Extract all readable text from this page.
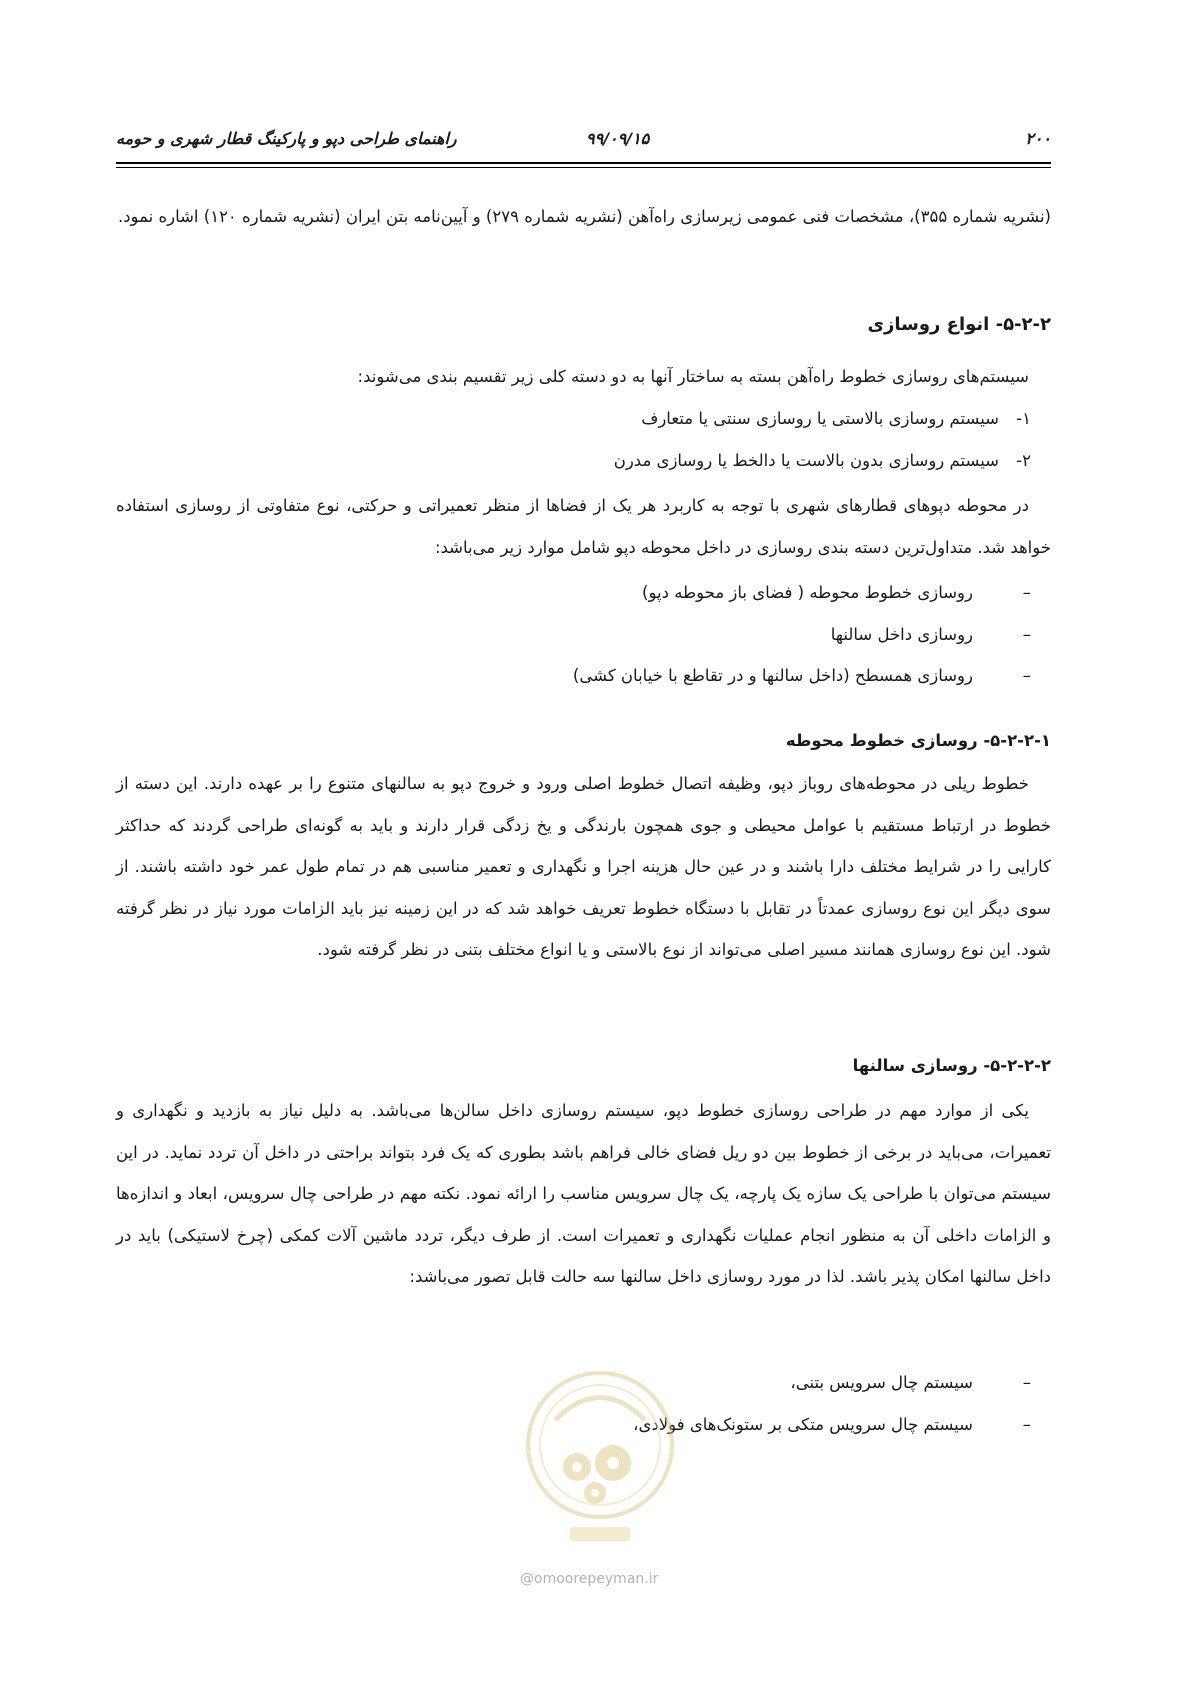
۲۰۰
۹۹/۰۹/۱۵
راهنمای طراحی دپو و پارکینگ قطار شهری و حومه

(نشریه شماره ۳۵۵)، مشخصات فنی عمومی زیرسازی راه‌آهن (نشریه شماره ۲۷۹) و آیین‌نامه بتن ایران (نشریه شماره ۱۲۰) اشاره نمود.

۵-۲-۲- انواع روسازی

سیستم‌های روسازی خطوط راه‌آهن بسته به ساختار آنها به دو دسته کلی زیر تقسیم بندی می‌شوند:

۱-سیستم روسازی بالاستی یا روسازی سنتی یا متعارف
۲-سیستم روسازی بدون بالاست یا دالخط یا روسازی مدرن

در محوطه دپوهای قطارهای شهری با توجه به کاربرد هر یک از فضاها از منظر تعمیراتی و حرکتی، نوع متفاوتی از روسازی استفاده خواهد شد. متداول‌ترین دسته بندی روسازی در داخل محوطه دپو شامل موارد زیر می‌باشد:

–روسازی خطوط محوطه ( فضای باز محوطه دپو)
–روسازی داخل سالنها
–روسازی همسطح (داخل سالنها و در تقاطع با خیابان کشی)
۵-۲-۲-۱- روسازی خطوط محوطه

خطوط ریلی در محوطه‌های روباز دپو، وظیفه اتصال خطوط اصلی ورود و خروج دپو به سالنهای متنوع را بر عهده دارند. این دسته از خطوط در ارتباط مستقیم با عوامل محیطی و جوی همچون بارندگی و یخ زدگی قرار دارند و باید به گونه‌ای طراحی گردند که حداکثر کارایی را در شرایط مختلف دارا باشند و در عین حال هزینه اجرا و نگهداری و تعمیر مناسبی هم در تمام طول عمر خود داشته باشند. از سوی دیگر این نوع روسازی عمدتاً در تقابل با دستگاه خطوط تعریف خواهد شد که در این زمینه نیز باید الزامات مورد نیاز در نظر گرفته شود. این نوع روسازی همانند مسیر اصلی می‌تواند از نوع بالاستی و یا انواع مختلف بتنی در نظر گرفته شود.

۵-۲-۲-۲- روسازی سالنها

یکی از موارد مهم در طراحی روسازی خطوط دپو، سیستم روسازی داخل سالن‌ها می‌باشد. به دلیل نیاز به بازدید و نگهداری و تعمیرات، می‌باید در برخی از خطوط بین دو ریل فضای خالی فراهم باشد بطوری که یک فرد بتواند براحتی در داخل آن تردد نماید. در این سیستم می‌توان با طراحی یک سازه یک پارچه، یک چال سرویس مناسب را ارائه نمود. نکته مهم در طراحی چال سرویس، ابعاد و اندازه‌ها و الزامات داخلی آن به منظور انجام عملیات نگهداری و تعمیرات است. از طرف دیگر، تردد ماشین آلات کمکی (چرخ لاستیکی) باید در داخل سالنها امکان پذیر باشد. لذا در مورد روسازی داخل سالنها سه حالت قابل تصور می‌باشد:

–سیستم چال سرویس بتنی،
–سیستم چال سرویس متکی بر ستونک‌های فولادی،
@omoorepeyman.ir
